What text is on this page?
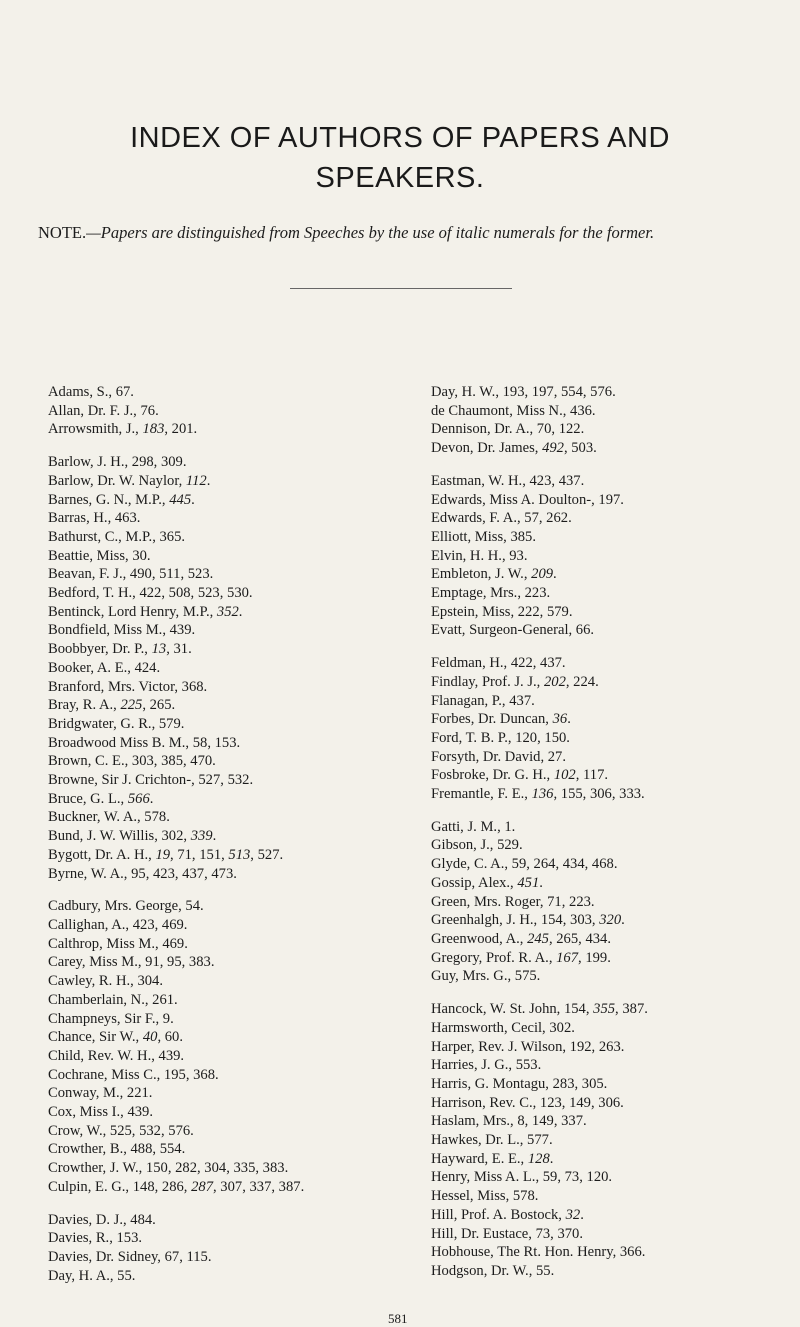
INDEX OF AUTHORS OF PAPERS AND
SPEAKERS.
NOTE.—Papers are distinguished from Speeches by the use of italic numerals for the former.
Adams, S., 67.
Allan, Dr. F. J., 76.
Arrowsmith, J., 183, 201.
Barlow, J. H., 298, 309.
Barlow, Dr. W. Naylor, 112.
Barnes, G. N., M.P., 445.
Barras, H., 463.
Bathurst, C., M.P., 365.
Beattie, Miss, 30.
Beavan, F. J., 490, 511, 523.
Bedford, T. H., 422, 508, 523, 530.
Bentinck, Lord Henry, M.P., 352.
Bondfield, Miss M., 439.
Boobbyer, Dr. P., 13, 31.
Booker, A. E., 424.
Branford, Mrs. Victor, 368.
Bray, R. A., 225, 265.
Bridgwater, G. R., 579.
Broadwood Miss B. M., 58, 153.
Brown, C. E., 303, 385, 470.
Browne, Sir J. Crichton-, 527, 532.
Bruce, G. L., 566.
Buckner, W. A., 578.
Bund, J. W. Willis, 302, 339.
Bygott, Dr. A. H., 19, 71, 151, 513, 527.
Byrne, W. A., 95, 423, 437, 473.
Cadbury, Mrs. George, 54.
Callighan, A., 423, 469.
Calthrop, Miss M., 469.
Carey, Miss M., 91, 95, 383.
Cawley, R. H., 304.
Chamberlain, N., 261.
Champneys, Sir F., 9.
Chance, Sir W., 40, 60.
Child, Rev. W. H., 439.
Cochrane, Miss C., 195, 368.
Conway, M., 221.
Cox, Miss I., 439.
Crow, W., 525, 532, 576.
Crowther, B., 488, 554.
Crowther, J. W., 150, 282, 304, 335, 383.
Culpin, E. G., 148, 286, 287, 307, 337, 387.
Davies, D. J., 484.
Davies, R., 153.
Davies, Dr. Sidney, 67, 115.
Day, H. A., 55.
Day, H. W., 193, 197, 554, 576.
de Chaumont, Miss N., 436.
Dennison, Dr. A., 70, 122.
Devon, Dr. James, 492, 503.
Eastman, W. H., 423, 437.
Edwards, Miss A. Doulton-, 197.
Edwards, F. A., 57, 262.
Elliott, Miss, 385.
Elvin, H. H., 93.
Embleton, J. W., 209.
Emptage, Mrs., 223.
Epstein, Miss, 222, 579.
Evatt, Surgeon-General, 66.
Feldman, H., 422, 437.
Findlay, Prof. J. J., 202, 224.
Flanagan, P., 437.
Forbes, Dr. Duncan, 36.
Ford, T. B. P., 120, 150.
Forsyth, Dr. David, 27.
Fosbroke, Dr. G. H., 102, 117.
Fremantle, F. E., 136, 155, 306, 333.
Gatti, J. M., 1.
Gibson, J., 529.
Glyde, C. A., 59, 264, 434, 468.
Gossip, Alex., 451.
Green, Mrs. Roger, 71, 223.
Greenhalgh, J. H., 154, 303, 320.
Greenwood, A., 245, 265, 434.
Gregory, Prof. R. A., 167, 199.
Guy, Mrs. G., 575.
Hancock, W. St. John, 154, 355, 387.
Harmsworth, Cecil, 302.
Harper, Rev. J. Wilson, 192, 263.
Harries, J. G., 553.
Harris, G. Montagu, 283, 305.
Harrison, Rev. C., 123, 149, 306.
Haslam, Mrs., 8, 149, 337.
Hawkes, Dr. L., 577.
Hayward, E. E., 128.
Henry, Miss A. L., 59, 73, 120.
Hessel, Miss, 578.
Hill, Prof. A. Bostock, 32.
Hill, Dr. Eustace, 73, 370.
Hobhouse, The Rt. Hon. Henry, 366.
Hodgson, Dr. W., 55.
581
